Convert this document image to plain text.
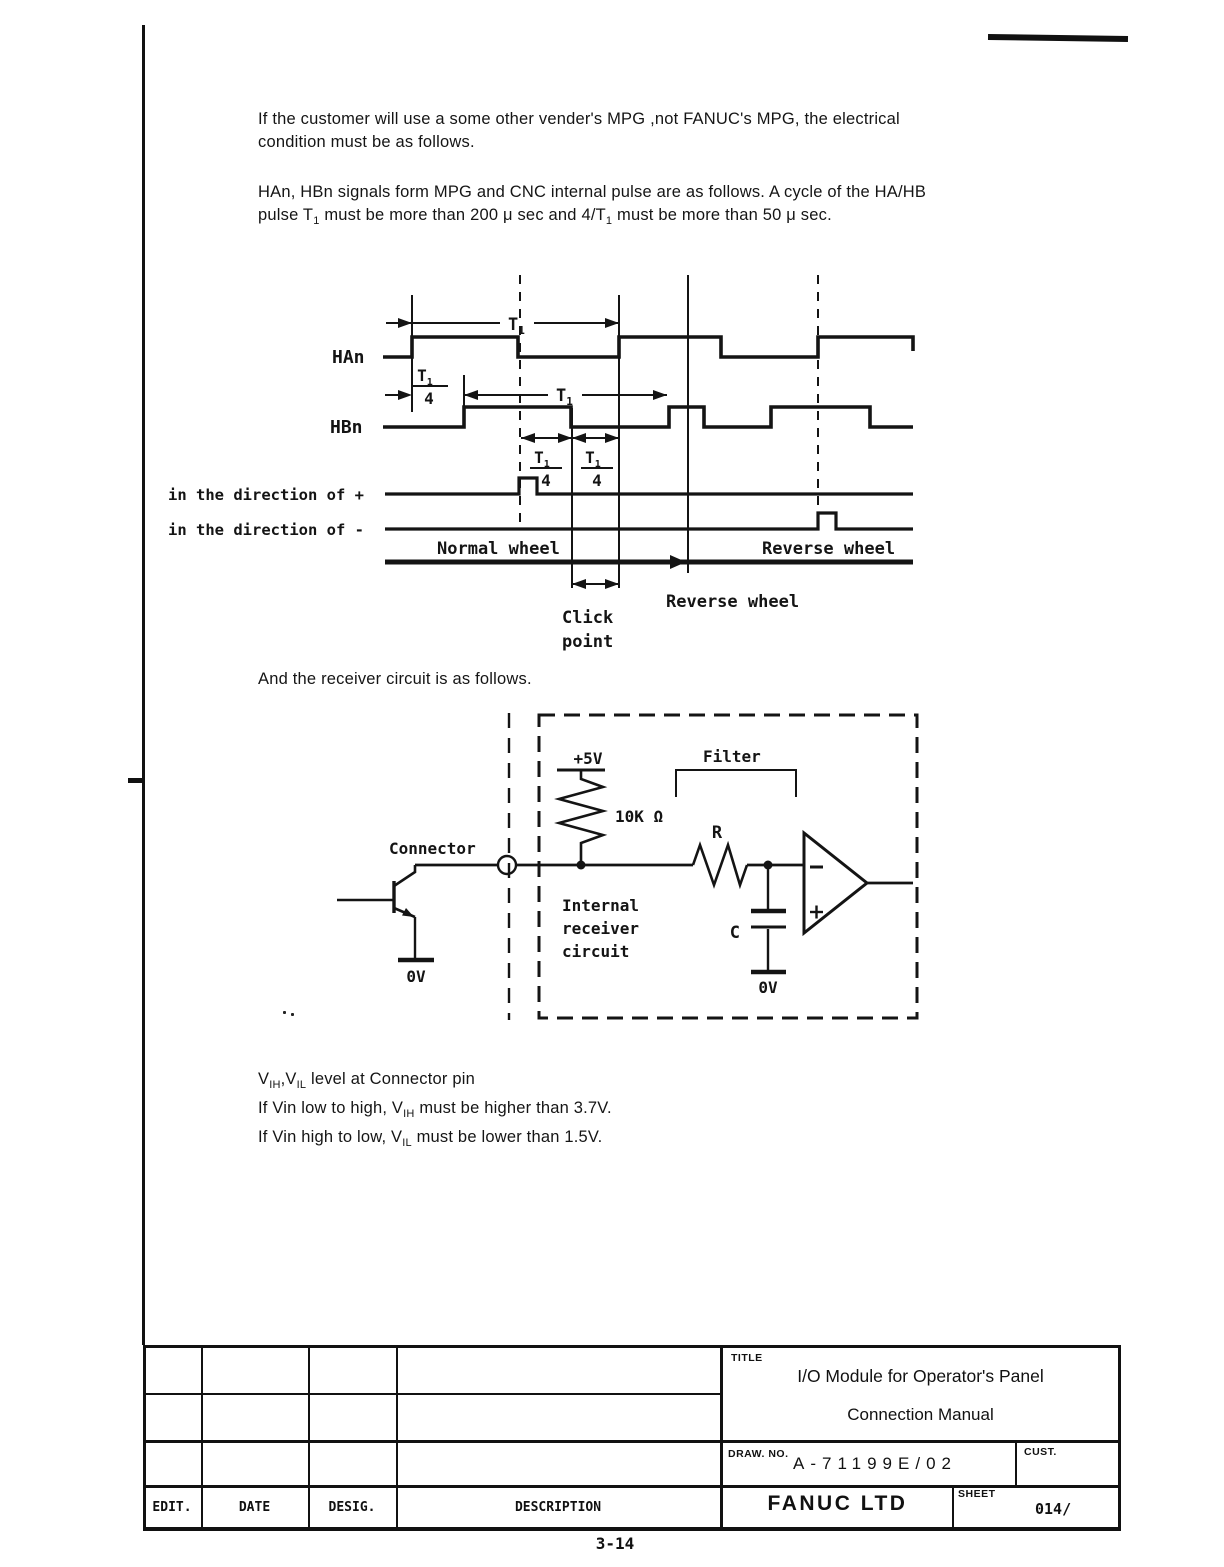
If the customer will use a some other vender's MPG ,not FANUC's MPG, the electrical
condition must be as follows.
HAn, HBn signals form MPG and CNC internal pulse are as follows. A cycle of the HA/HB
pulse $T_1$ must be more than 200 μ sec and $4/T_1$ must be more than 50 μ sec.
$T_1$
$T_1$
4	$T_1$
HAn
HBn
$T_1$
4
$T_1$
4
in the direction of +
in the direction of -
Normal wheel	Reverse wheel
Reverse wheel
Click
point
And the receiver circuit is as follows.
+5V
10K Ω
Filter
R
C
0V
0V
Connector
Internal
receiver
circuit
$V_{IH},V_{IL}$ level at Connector pin
If Vin low to high, $V_{IH}$ must be higher than 3.7V.
If Vin high to low, $V_{IL}$ must be lower than 1.5V.
TITLE
I/O Module for Operator's Panel
Connection Manual
DRAW. NO. A-71199E/02
CUST.
FANUC LTD	SHEET
014/
EDIT.	DATE	DESIG.	DESCRIPTION
3-14
